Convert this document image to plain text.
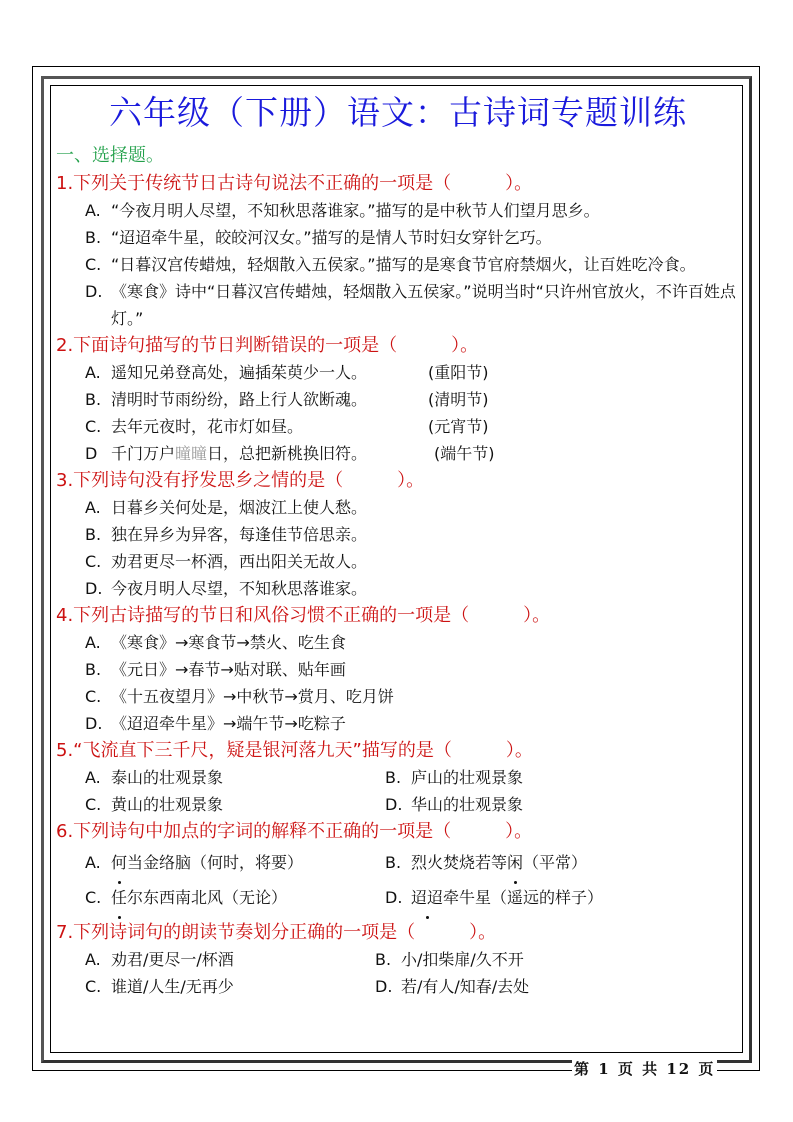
六年级（下册）语文：古诗词专题训练
一、选择题。
1.下列关于传统节日古诗句说法不正确的一项是（　　　）。
A. “今夜月明人尽望，不知秋思落谁家。”描写的是中秋节人们望月思乡。
B. “迢迢牵牛星，皎皎河汉女。”描写的是情人节时妇女穿针乞巧。
C. “日暮汉宫传蜡烛，轻烟散入五侯家。”描写的是寒食节官府禁烟火，让百姓吃冷食。
D. 《寒食》诗中“日暮汉宫传蜡烛，轻烟散入五侯家。”说明当时“只许州官放火，不许百姓点灯。”
2.下面诗句描写的节日判断错误的一项是（　　　）。
A. 遥知兄弟登高处，遍插茱萸少一人。	(重阳节)
B. 清明时节雨纷纷，路上行人欲断魂。	(清明节)
C. 去年元夜时，花市灯如昼。	(元宵节)
D 千门万户曈曈日，总把新桃换旧符。	(端午节)
3.下列诗句没有抒发思乡之情的是（　　　）。
A. 日暮乡关何处是，烟波江上使人愁。
B. 独在异乡为异客，每逢佳节倍思亲。
C. 劝君更尽一杯酒，西出阳关无故人。
D. 今夜月明人尽望，不知秋思落谁家。
4.下列古诗描写的节日和风俗习惯不正确的一项是（　　　）。
A. 《寒食》→寒食节→禁火、吃生食
B. 《元日》→春节→贴对联、贴年画
C. 《十五夜望月》→中秋节→赏月、吃月饼
D. 《迢迢牵牛星》→端午节→吃粽子
5.“飞流直下三千尺，疑是银河落九天”描写的是（　　　）。
A. 泰山的壮观景象	B. 庐山的壮观景象
C. 黄山的壮观景象	D. 华山的壮观景象
6.下列诗句中加点的字词的解释不正确的一项是（　　　）。
A. 何当金络脑（何时，将要）	B. 烈火焚烧若等闲（平常）
C. 任尔东西南北风（无论）	D. 迢迢牵牛星（遥远的样子）
7.下列诗词句的朗读节奏划分正确的一项是（　　　）。
A. 劝君/更尽一/杯酒	B. 小/扣柴扉/久不开
C. 谁道/人生/无再少	D. 若/有人/知春/去处
第 1 页 共 12 页
